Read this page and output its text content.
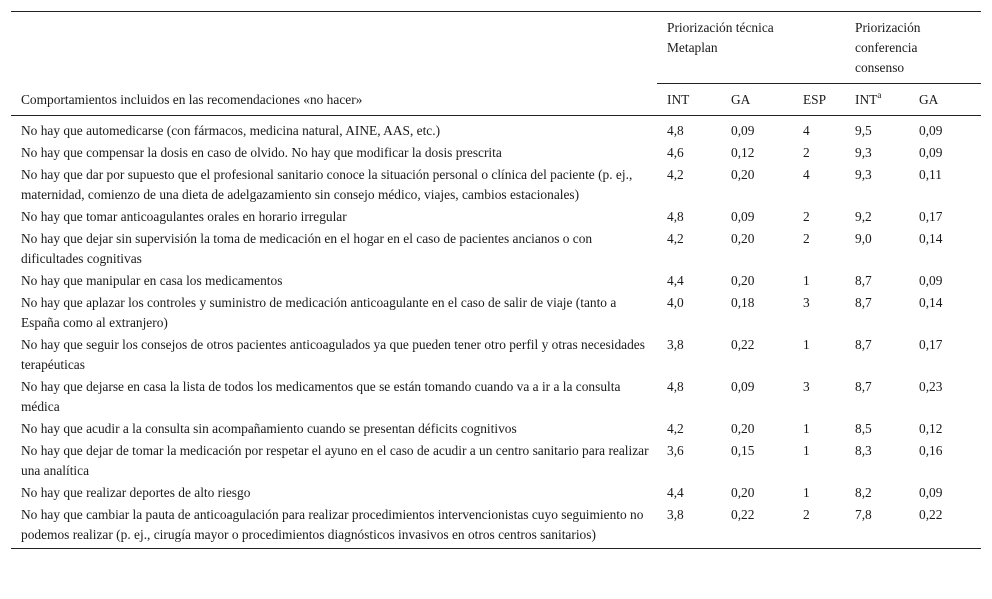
Comportamientos incluidos en las recomendaciones «no hacer»	Priorización técnica Metaplan			Priorización conferencia consenso	
	INT	GA	ESP	INT$^a$	GA
No hay que automedicarse (con fármacos, medicina natural, AINE, AAS, etc.)	4,8	0,09	4	9,5	0,09
No hay que compensar la dosis en caso de olvido. No hay que modificar la dosis prescrita	4,6	0,12	2	9,3	0,09
No hay que dar por supuesto que el profesional sanitario conoce la situación personal o clínica del paciente (p. ej., maternidad, comienzo de una dieta de adelgazamiento sin consejo médico, viajes, cambios estacionales)	4,2	0,20	4	9,3	0,11
No hay que tomar anticoagulantes orales en horario irregular	4,8	0,09	2	9,2	0,17
No hay que dejar sin supervisión la toma de medicación en el hogar en el caso de pacientes ancianos o con dificultades cognitivas	4,2	0,20	2	9,0	0,14
No hay que manipular en casa los medicamentos	4,4	0,20	1	8,7	0,09
No hay que aplazar los controles y suministro de medicación anticoagulante en el caso de salir de viaje (tanto a España como al extranjero)	4,0	0,18	3	8,7	0,14
No hay que seguir los consejos de otros pacientes anticoagulados ya que pueden tener otro perfil y otras necesidades terapéuticas	3,8	0,22	1	8,7	0,17
No hay que dejarse en casa la lista de todos los medicamentos que se están tomando cuando va a ir a la consulta médica	4,8	0,09	3	8,7	0,23
No hay que acudir a la consulta sin acompañamiento cuando se presentan déficits cognitivos	4,2	0,20	1	8,5	0,12
No hay que dejar de tomar la medicación por respetar el ayuno en el caso de acudir a un centro sanitario para realizar una analítica	3,6	0,15	1	8,3	0,16
No hay que realizar deportes de alto riesgo	4,4	0,20	1	8,2	0,09
No hay que cambiar la pauta de anticoagulación para realizar procedimientos intervencionistas cuyo seguimiento no podemos realizar (p. ej., cirugía mayor o procedimientos diagnósticos invasivos en otros centros sanitarios)	3,8	0,22	2	7,8	0,22
